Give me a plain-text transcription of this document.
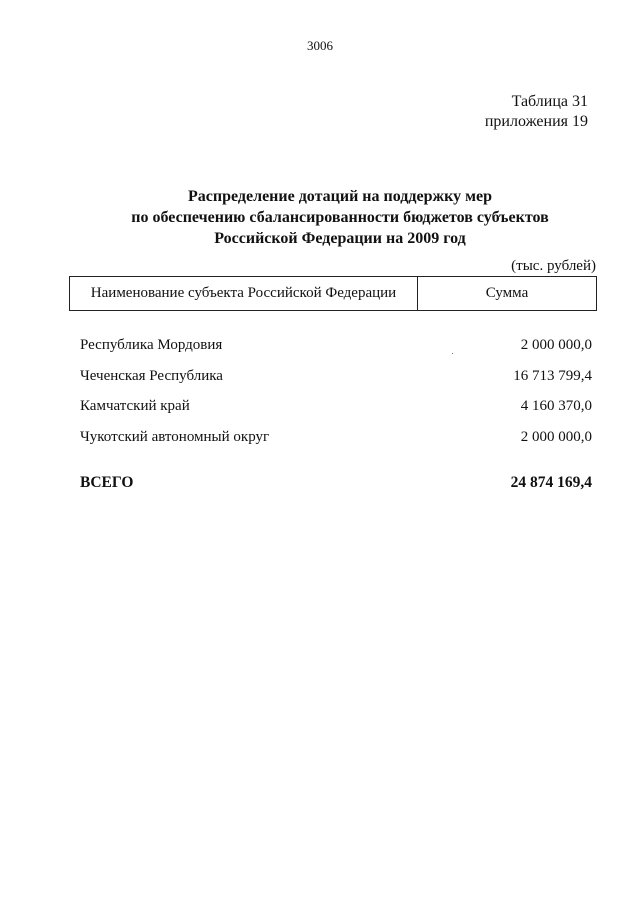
3006
Таблица 31
приложения 19
Распределение дотаций на поддержку мер
по обеспечению сбалансированности бюджетов субъектов
Российской Федерации на 2009 год
(тыс. рублей)
Наименование субъекта Российской Федерации	Сумма
Республика Мордовия	2 000 000,0
Чеченская Республика	16 713 799,4
Камчатский край	4 160 370,0
Чукотский автономный округ	2 000 000,0
ВСЕГО	24 874 169,4
